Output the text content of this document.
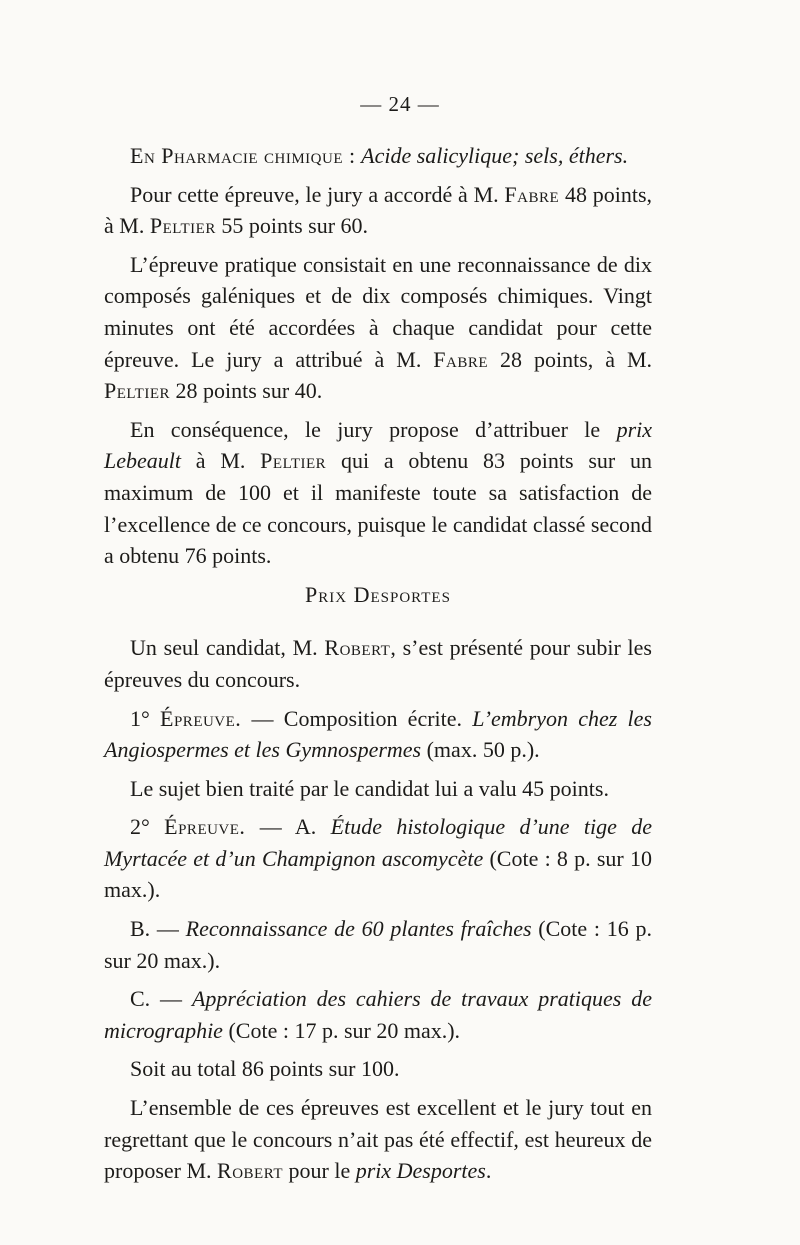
— 24 —

En Pharmacie chimique : Acide salicylique; sels, éthers.

Pour cette épreuve, le jury a accordé à M. Fabre 48 points, à M. Peltier 55 points sur 60.

L’épreuve pratique consistait en une reconnaissance de dix composés galéniques et de dix composés chimiques. Vingt minutes ont été accordées à chaque candidat pour cette épreuve. Le jury a attribué à M. Fabre 28 points, à M. Peltier 28 points sur 40.

En conséquence, le jury propose d’attribuer le prix Lebeault à M. Peltier qui a obtenu 83 points sur un maximum de 100 et il manifeste toute sa satisfaction de l’excellence de ce concours, puisque le candidat classé second a obtenu 76 points.

Prix Desportes

Un seul candidat, M. Robert, s’est présenté pour subir les épreuves du concours.

1° Épreuve. — Composition écrite. L’embryon chez les Angiospermes et les Gymnospermes (max. 50 p.).

Le sujet bien traité par le candidat lui a valu 45 points.

2° Épreuve. — A. Étude histologique d’une tige de Myrtacée et d’un Champignon ascomycète (Cote : 8 p. sur 10 max.).

B. — Reconnaissance de 60 plantes fraîches (Cote : 16 p. sur 20 max.).

C. — Appréciation des cahiers de travaux pratiques de micrographie (Cote : 17 p. sur 20 max.).

Soit au total 86 points sur 100.

L’ensemble de ces épreuves est excellent et le jury tout en regrettant que le concours n’ait pas été effectif, est heureux de proposer M. Robert pour le prix Desportes.
